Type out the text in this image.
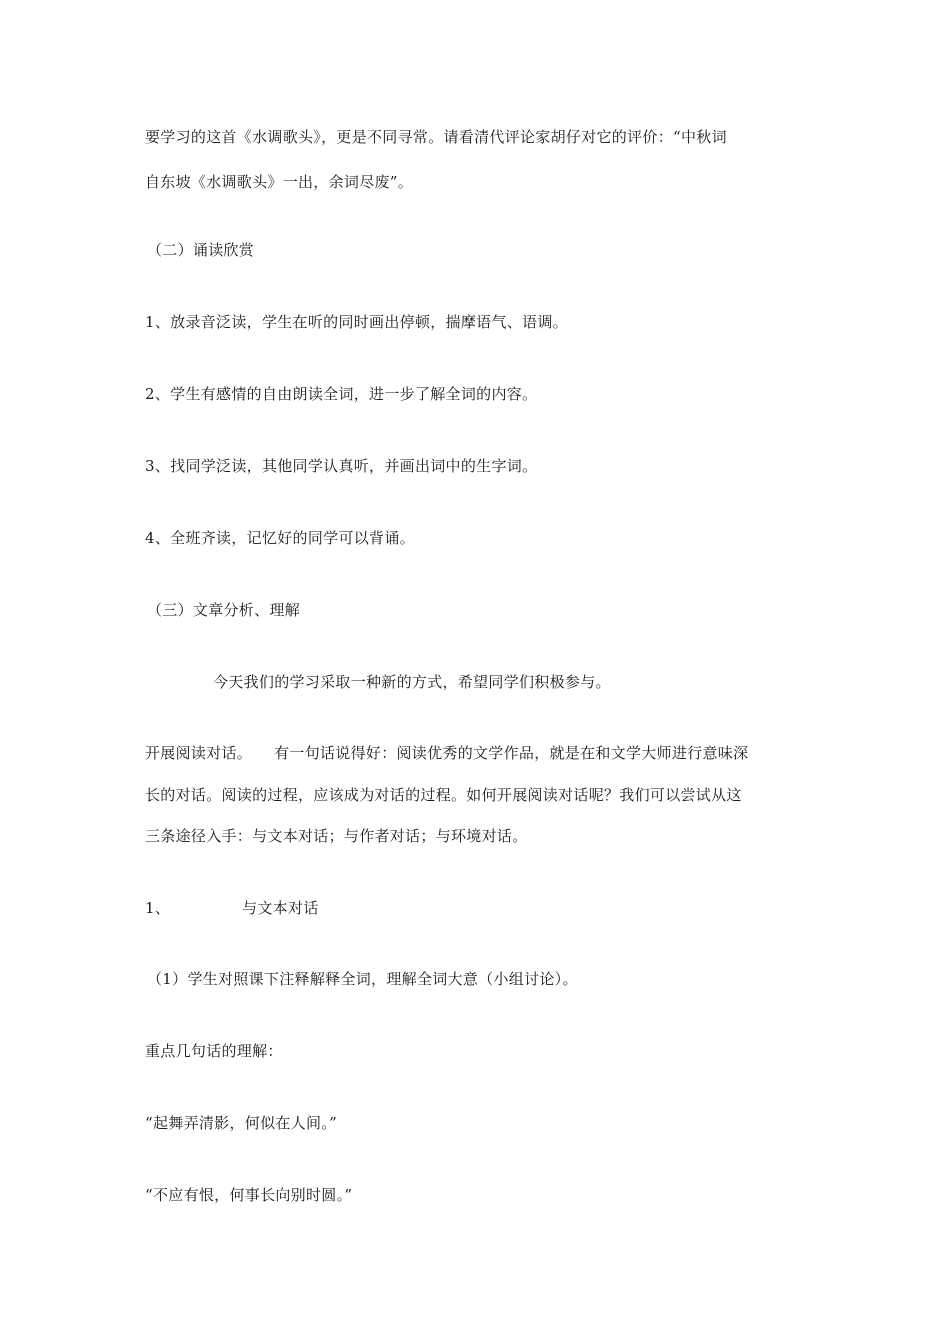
要学习的这首《水调歌头》，更是不同寻常。请看清代评论家胡仔对它的评价：“中秋词
自东坡《水调歌头》一出，余词尽废”。
（二）诵读欣赏
1、放录音泛读，学生在听的同时画出停顿，揣摩语气、语调。
2、学生有感情的自由朗读全词，进一步了解全词的内容。
3、找同学泛读，其他同学认真听，并画出词中的生字词。
4、全班齐读，记忆好的同学可以背诵。
（三）文章分析、理解
今天我们的学习采取一种新的方式，希望同学们积极参与。
开展阅读对话。 有一句话说得好：阅读优秀的文学作品，就是在和文学大师进行意味深
长的对话。阅读的过程，应该成为对话的过程。如何开展阅读对话呢？我们可以尝试从这
三条途径入手：与文本对话；与作者对话；与环境对话。
1、	与文本对话
（1）学生对照课下注释解释全词，理解全词大意（小组讨论）。
重点几句话的理解：
“起舞弄清影，何似在人间。”
“不应有恨，何事长向别时圆。”
